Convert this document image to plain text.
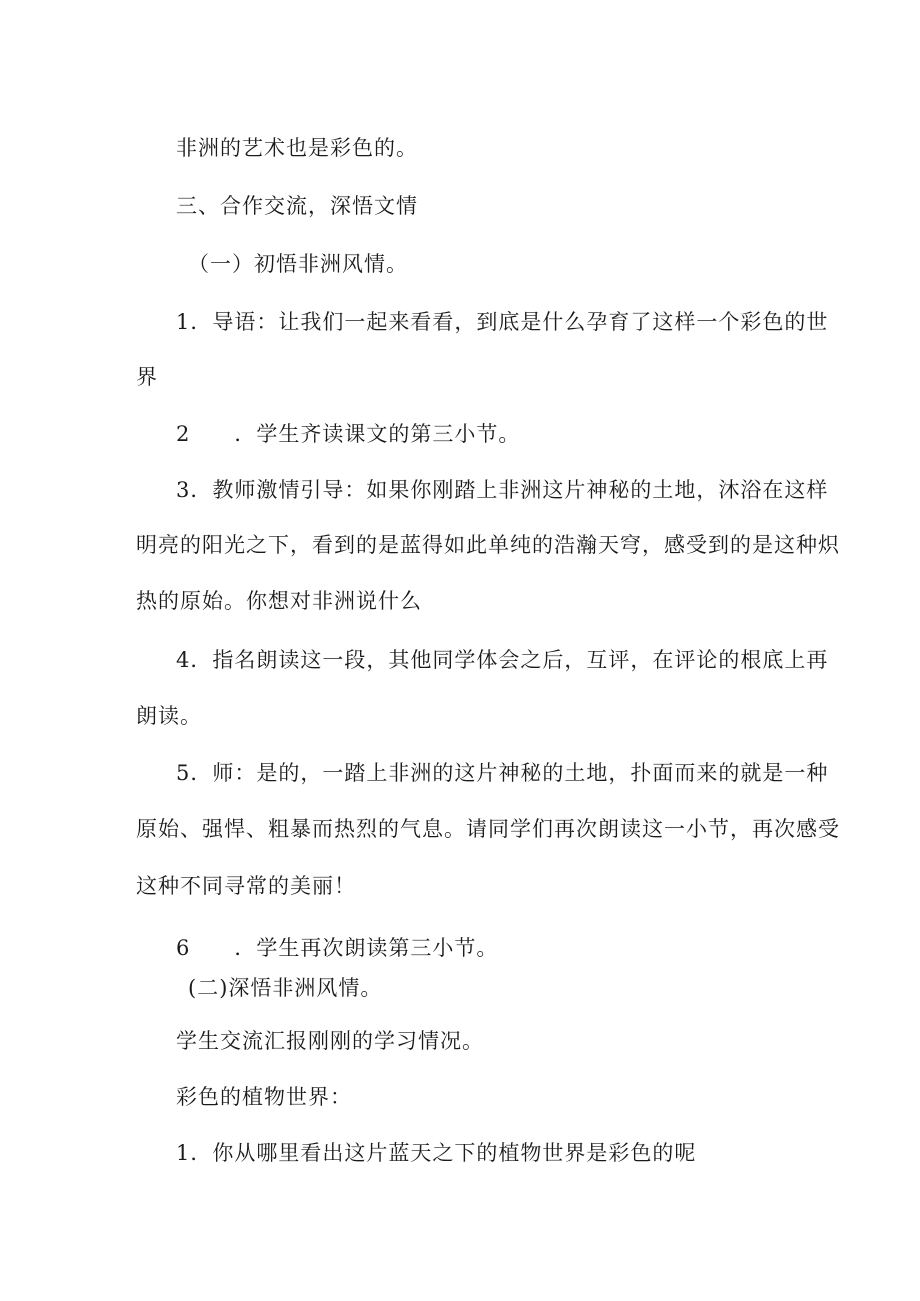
非洲的艺术也是彩色的。
三、合作交流，深悟文情
（一）初悟非洲风情。
1．导语：让我们一起来看看，到底是什么孕育了这样一个彩色的世
界
2　　．学生齐读课文的第三小节。
3．教师激情引导：如果你刚踏上非洲这片神秘的土地，沐浴在这样
明亮的阳光之下，看到的是蓝得如此单纯的浩瀚天穹，感受到的是这种炽
热的原始。你想对非洲说什么
4．指名朗读这一段，其他同学体会之后，互评，在评论的根底上再
朗读。
5．师：是的，一踏上非洲的这片神秘的土地，扑面而来的就是一种
原始、强悍、粗暴而热烈的气息。请同学们再次朗读这一小节，再次感受
这种不同寻常的美丽！
6　　．学生再次朗读第三小节。
(二)深悟非洲风情。
学生交流汇报刚刚的学习情况。
彩色的植物世界：
1．你从哪里看出这片蓝天之下的植物世界是彩色的呢
